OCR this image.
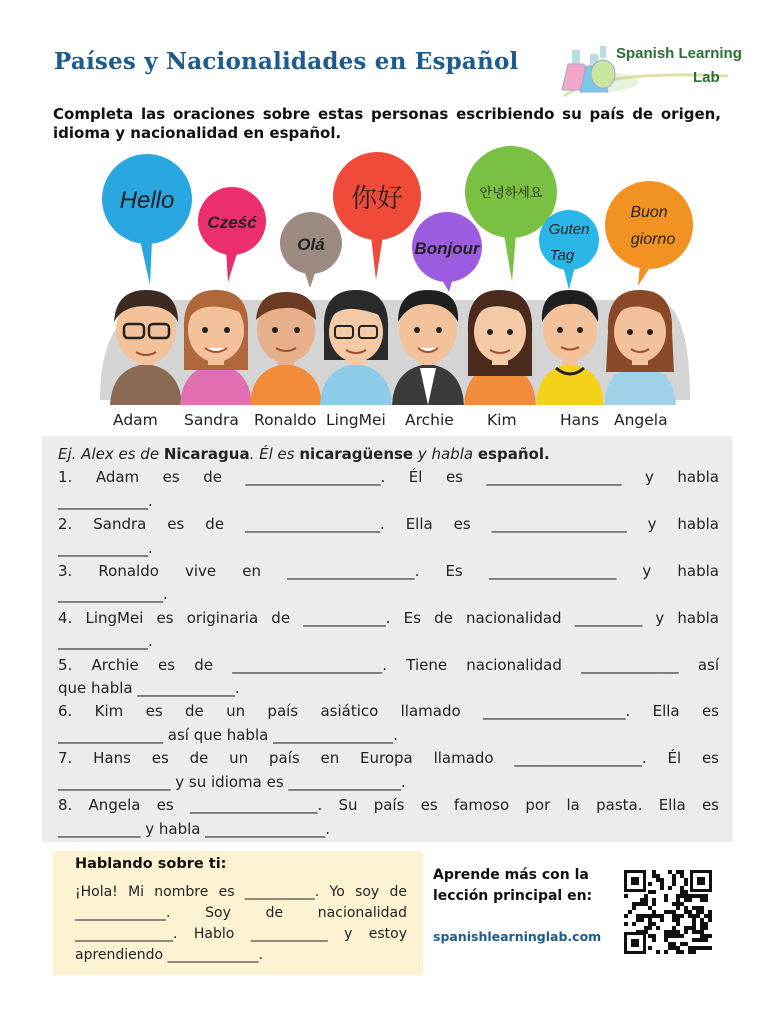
Países y Nacionalidades en Español	Spanish Learning
Lab
Completa las oraciones sobre estas personas escribiendo su país de origen, idioma y nacionalidad en español.
Hello
Cześć
Olá
你好
Bonjour
안녕하세요
Guten
Tag
Buon
giorno
Adam Sandra Ronaldo LingMei Archie Kim	Hans Angela
Ej. Alex es de Nicaragua. Él es nicaragüense y habla español.
1. Adam es de __________________. Él es __________________ y habla
____________.
2. Sandra es de __________________. Ella es __________________ y habla
____________.
3. Ronaldo vive en _________________. Es _________________ y habla
______________.
4. LingMei es originaria de ___________. Es de nacionalidad _________ y habla
____________.
5. Archie es de ____________________. Tiene nacionalidad _____________ así
que habla _____________.
6. Kim es de un país asiático llamado ___________________. Ella es
______________ así que habla ________________.
7. Hans es de un país en Europa llamado _________________. Él es
_______________ y su idioma es _______________.
8. Angela es _________________. Su país es famoso por la pasta. Ella es
___________ y habla ________________.
Hablando sobre ti:
¡Hola! Mi nombre es __________. Yo soy de _____________. Soy de nacionalidad ______________. Hablo ___________ y estoy aprendiendo _____________.
Aprende más con la lección principal en:
spanishlearninglab.com
